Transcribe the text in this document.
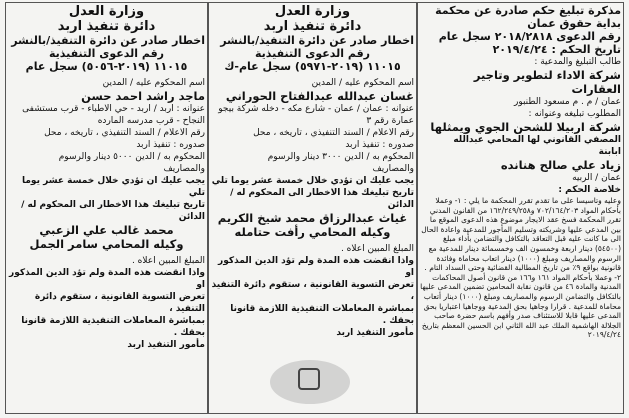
وزارة العدل
دائرة تنفيذ اربد
اخطار صادر عن دائرة التنفيذ/بالنشر
رقم الدعوى التنفيذية
١١٠١٥ (٢٠١٩-٥٠٥٦) سجل عام
اسم المحكوم عليه / المدين
ماجد راشد احمد حسن
عنوانه : اربد / اربد - حي الاطباء - قرب مستشفى
النجاح - قرب مدرسه المارده
رقم الاعلام / السند التنفيذي ، تاريخه ، محل
صدوره : تنفيذ اربد
المحكوم به / الدين ٥٠٠٠ دينار والرسوم
والمصاريف
يجب عليك ان تؤدي خلال خمسة عشر يوما تلي
تاريخ تبليغك هذا الاخطار الى المحكوم له / الدائن
محمد غالب علي الزعبي
وكيله المحامي سامر الجمل
المبلغ المبين اعلاه .
واذا انقضت هذه المدة ولم تؤد الدين المذكور او
تعرض التسوية القانونية ، ستقوم دائرة التنفيذ ،
بمباشرة المعاملات التنفيذية اللازمة قانونا بحقك .
مأمور التنفيذ اربد
وزارة العدل
دائرة تنفيذ اربد
اخطار صادر عن دائرة التنفيذ/بالنشر
رقم الدعوى التنفيذية
١١٠١٥ (٢٠١٩-٥٩٧١) سجل عام-ك
اسم المحكوم عليه / المدين
غسان عبدالله عبدالفتاح الحوراني
عنوانه : عمان / عمان - شارع مكه - دخله شركة بيجو
عمارة رقم ٣
رقم الاعلام / السند التنفيذي ، تاريخه ، محل
صدوره : تنفيذ اربد
المحكوم به / الدين ٣٠٠٠ دينار والرسوم
والمصاريف
يجب عليك ان تؤدي خلال خمسة عشر يوما تلي
تاريخ تبليغك هذا الاخطار الى المحكوم له / الدائن
غياث عبدالرزاق محمد شيخ الكريم
وكيله المحامي رأفت حتامله
المبلغ المبين اعلاه .
واذا انقضت هذه المدة ولم تؤد الدين المذكور او
تعرض التسوية القانونية ، ستقوم دائرة التنفيذ ،
بمباشرة المعاملات التنفيذية اللازمة قانونا بحقك .
مأمور التنفيذ اربد
مذكرة تبليغ حكم صادرة عن محكمة
بداية حقوق عمان
رقم الدعوى ٢٠١٨/٢٨١٨ سجل عام
تاريخ الحكم : ٢٠١٩/٤/٢٤
طالب التبليغ والمدعية :
شركة الاداء لتطوير وتاجير
العقارات
عمان / م . م مسعود الطنبور
المطلوب تبليغه وعنوانه :
شركة اربيلا للشحن الجوي ويمثلها
المصفي القانوني لها المحامي عبدالله
ابابنة
زياد علي صالح هنانده
عمان / الربيه
خلاصة الحكم :
وعليه وتاسيسا على ما تقدم تقرر المحكمة ما يلي : ١- وعملا بأحكام المواد ٧٠٢/١٦٤/٢٠٣ و١٦٢/٢٤٩/٢٥٨ من القانون المدني تقرر المحكمة فسخ عقد الايجار موضوع هذه الدعوى الموقع ما بين المدعي عليها وشريكته وتسليم المأجور للمدعية واعادة الحال الى ما كانت عليه قبل التعاقد بالتكافل والتضامن بأداء مبلغ (٥٤٥٠٠) دينار اربعة وخمسون الف وخمسمائة دينار للمدعية مع الرسوم والمصاريف ومبلغ (١٠٠٠) دينار اتعاب محاماة وفائدة قانونية بواقع ٩٪ من تاريخ المطالبة القضائية وحتى السداد التام . ٢- وعملا بأحكام المواد ١٦١ و١٦٦ من قانون أصول المحاكمات المدنية والمادة ٤٦ من قانون نقابة المحامين تضمين المدعى عليها بالتكافل والتضامن الرسوم والمصاريف ومبلغ (١٠٠٠) دينار أتعاب محاماة للمدعية . قرارا وجاهيا بحق المدعية ووجاهيا اعتباريا بحق المدعى عليها قابلا للاستئناف صدر وأفهم باسم حضرة صاحب الجلالة الهاشمية الملك عبد الله الثاني ابن الحسين المعظم بتاريخ ٢٠١٩/٤/٢٤
